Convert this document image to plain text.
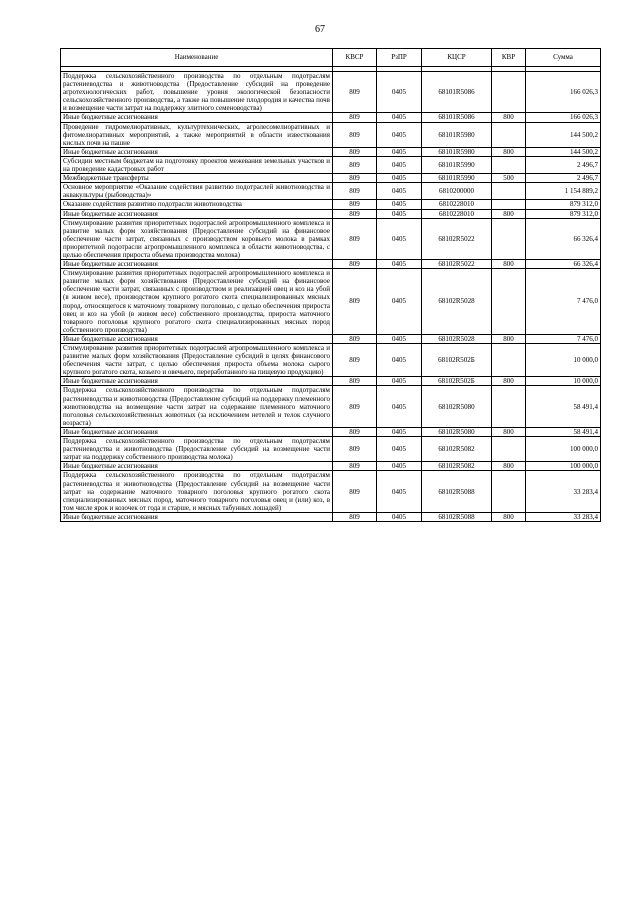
67
Наименование	КВСР	РзПР	КЦСР	КВР	Сумма

Поддержка сельскохозяйственного производства по отдельным подотраслям растениеводства и животноводства (Предоставление субсидий на проведение агротехнологических работ, повышение уровня экологической безопасности сельскохозяйственного производства, а также на повышение плодородия и качества почв и возмещение части затрат на поддержку элитного семеноводства)	809	0405	68101R5086		166 026,3
Иные бюджетные ассигнования	809	0405	68101R5086	800	166 026,3
Проведение гидромелиоративных, культуртехнических, агролесомелиоративных и фитомелиоративных мероприятий, а также мероприятий в области известкования кислых почв на пашне	809	0405	68101R5980		144 500,2
Иные бюджетные ассигнования	809	0405	68101R5980	800	144 500,2
Субсидии местным бюджетам на подготовку проектов межевания земельных участков и на проведение кадастровых работ	809	0405	68101R5990		2 496,7
Межбюджетные трансферты	809	0405	68101R5990	500	2 496,7
Основное мероприятие «Оказание содействия развитию подотраслей животноводства и аквакультуры (рыбоводства)»	809	0405	6810200000		1 154 889,2
Оказание содействия развитию подотрасли животноводства	809	0405	6810228010		879 312,0
Иные бюджетные ассигнования	809	0405	6810228010	800	879 312,0
Стимулирование развития приоритетных подотраслей агропромышленного комплекса и развитие малых форм хозяйствования (Предоставление субсидий на финансовое обеспечение части затрат, связанных с производством коровьего молока в рамках приоритетной подотрасли агропромышленного комплекса в области животноводства, с целью обеспечения прироста объема производства молока)	809	0405	68102R5022		66 326,4
Иные бюджетные ассигнования	809	0405	68102R5022	800	66 326,4
Стимулирование развития приоритетных подотраслей агропромышленного комплекса и развитие малых форм хозяйствования (Предоставление субсидий на финансовое обеспечение части затрат, связанных с производством и реализацией овец и коз на убой (в живом весе), производством крупного рогатого скота специализированных мясных пород, относящегося к маточному товарному поголовью, с целью обеспечения прироста овец и коз на убой (в живом весе) собственного производства, прироста маточного товарного поголовья крупного рогатого скота специализированных мясных пород собственного производства)	809	0405	68102R5028		7 476,0
Иные бюджетные ассигнования	809	0405	68102R5028	800	7 476,0
Стимулирование развития приоритетных подотраслей агропромышленного комплекса и развитие малых форм хозяйствования (Предоставление субсидий в целях финансового обеспечения части затрат, с целью обеспечения прироста объема молока сырого крупного рогатого скота, козьего и овечьего, переработанного на пищевую продукцию)	809	0405	68102R502Б		10 000,0
Иные бюджетные ассигнования	809	0405	68102R502Б	800	10 000,0
Поддержка сельскохозяйственного производства по отдельным подотраслям растениеводства и животноводства (Предоставление субсидий на поддержку племенного животноводства на возмещение части затрат на содержание племенного маточного поголовья сельскохозяйственных животных (за исключением нетелей и телок случного возраста)	809	0405	68102R5080		58 491,4
Иные бюджетные ассигнования	809	0405	68102R5080	800	58 491,4
Поддержка сельскохозяйственного производства по отдельным подотраслям растениеводства и животноводства (Предоставление субсидий на возмещение части затрат на поддержку собственного производства молока)	809	0405	68102R5082		100 000,0
Иные бюджетные ассигнования	809	0405	68102R5082	800	100 000,0
Поддержка сельскохозяйственного производства по отдельным подотраслям растениеводства и животноводства (Предоставление субсидий на возмещение части затрат на содержание маточного товарного поголовья крупного рогатого скота специализированных мясных пород, маточного товарного поголовья овец и (или) коз, в том числе ярок и козочек от года и старше, и мясных табунных лошадей)	809	0405	68102R5088		33 283,4
Иные бюджетные ассигнования	809	0405	68102R5088	800	33 283,4
